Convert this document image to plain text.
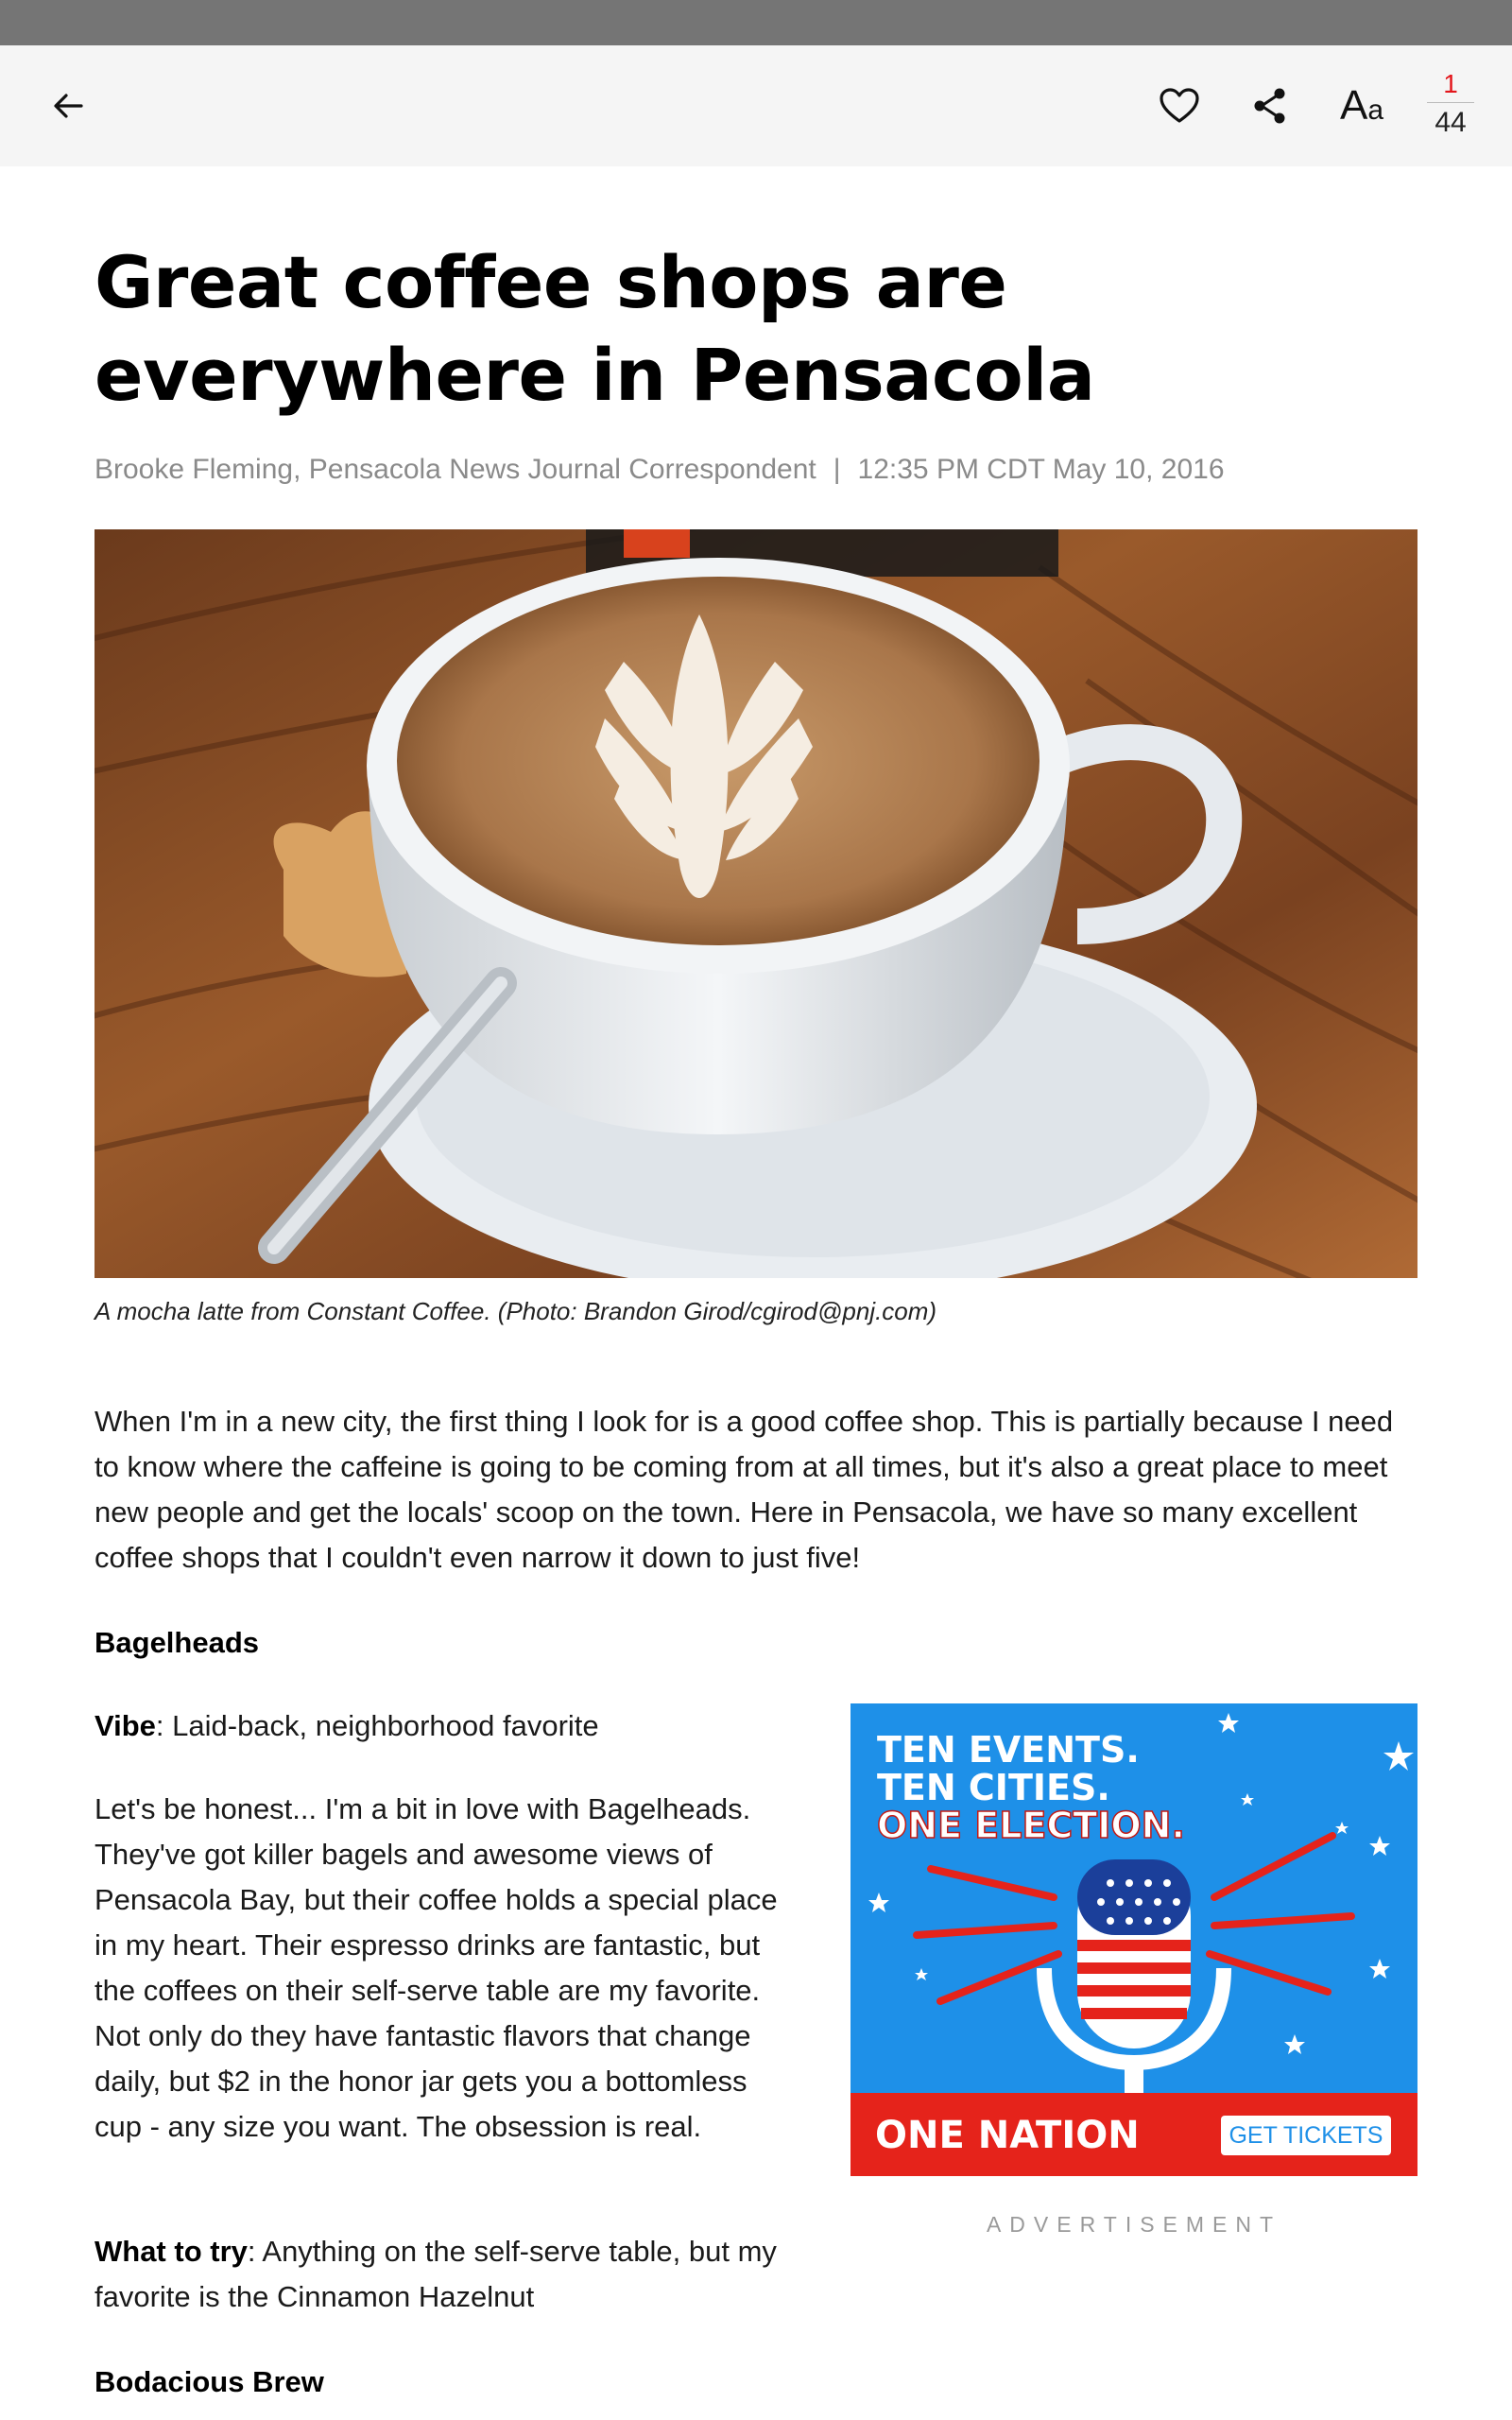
Aa
1
44
Great coffee shops are
everywhere in Pensacola
Brooke Fleming, Pensacola News Journal Correspondent | 12:35 PM CDT May 10, 2016
A mocha latte from Constant Coffee. (Photo: Brandon Girod/cgirod@pnj.com)

When I'm in a new city, the first thing I look for is a good coffee shop. This is partially because I need to know where the caffeine is going to be coming from at all times, but it's also a great place to meet new people and get the locals' scoop on the town. Here in Pensacola, we have so many excellent coffee shops that I couldn't even narrow it down to just five!

Bagelheads

Vibe: Laid-back, neighborhood favorite

Let's be honest... I'm a bit in love with Bagelheads. They've got killer bagels and awesome views of Pensacola Bay, but their coffee holds a special place in my heart. Their espresso drinks are fantastic, but the coffees on their self-serve table are my favorite. Not only do they have fantastic flavors that change daily, but $2 in the honor jar gets you a bottomless cup - any size you want. The obsession is real.

What to try: Anything on the self-serve table, but my favorite is the Cinnamon Hazelnut

Bodacious Brew
TEN EVENTS.
TEN CITIES.
ONE ELECTION.
ONE NATION	GET TICKETS
ADVERTISEMENT
